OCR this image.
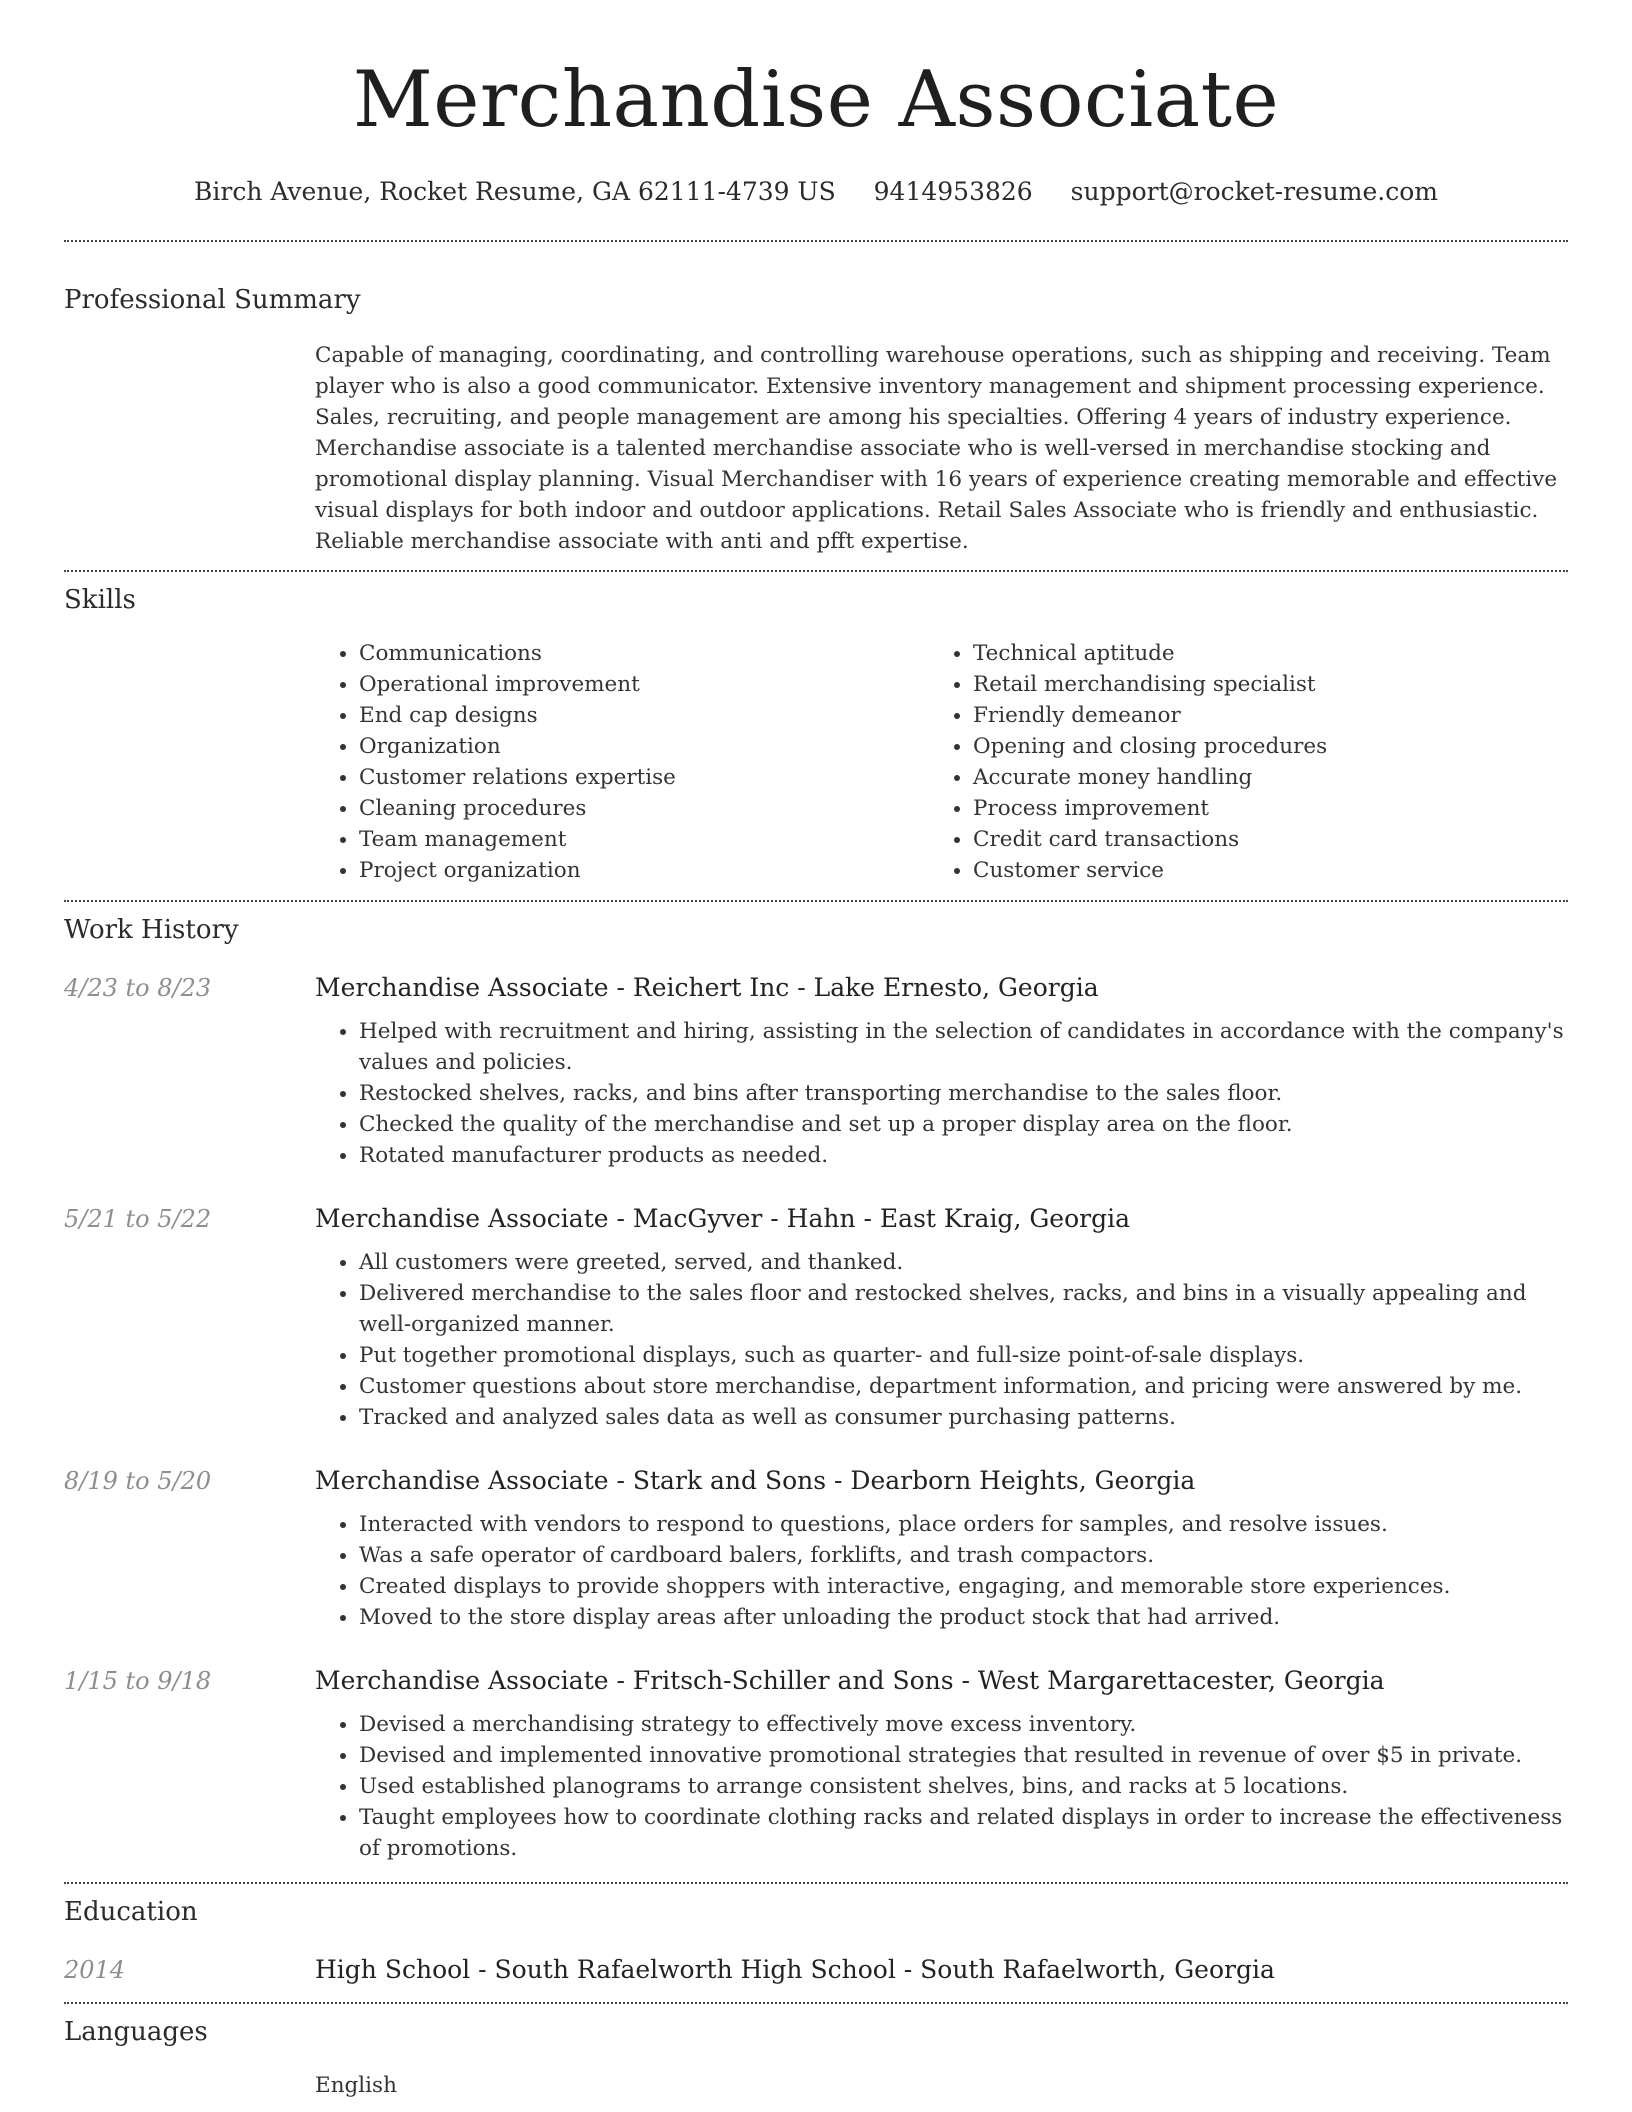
Merchandise Associate
Birch Avenue, Rocket Resume, GA 62111-4739 US 9414953826 support@rocket-resume.com
Professional Summary
Capable of managing, coordinating, and controlling warehouse operations, such as shipping and receiving. Team player who is also a good communicator. Extensive inventory management and shipment processing experience. Sales, recruiting, and people management are among his specialties. Offering 4 years of industry experience. Merchandise associate is a talented merchandise associate who is well-versed in merchandise stocking and promotional display planning. Visual Merchandiser with 16 years of experience creating memorable and effective visual displays for both indoor and outdoor applications. Retail Sales Associate who is friendly and enthusiastic. Reliable merchandise associate with anti and pfft expertise.
Skills
• Communications
• Operational improvement
• End cap designs
• Organization
• Customer relations expertise
• Cleaning procedures
• Team management
• Project organization
• Technical aptitude
• Retail merchandising specialist
• Friendly demeanor
• Opening and closing procedures
• Accurate money handling
• Process improvement
• Credit card transactions
• Customer service
Work History
4/23 to 8/23	Merchandise Associate - Reichert Inc - Lake Ernesto, Georgia
• Helped with recruitment and hiring, assisting in the selection of candidates in accordance with the company's values and policies.
• Restocked shelves, racks, and bins after transporting merchandise to the sales floor.
• Checked the quality of the merchandise and set up a proper display area on the floor.
• Rotated manufacturer products as needed.
5/21 to 5/22	Merchandise Associate - MacGyver - Hahn - East Kraig, Georgia
• All customers were greeted, served, and thanked.
• Delivered merchandise to the sales floor and restocked shelves, racks, and bins in a visually appealing and well-organized manner.
• Put together promotional displays, such as quarter- and full-size point-of-sale displays.
• Customer questions about store merchandise, department information, and pricing were answered by me.
• Tracked and analyzed sales data as well as consumer purchasing patterns.
8/19 to 5/20	Merchandise Associate - Stark and Sons - Dearborn Heights, Georgia
• Interacted with vendors to respond to questions, place orders for samples, and resolve issues.
• Was a safe operator of cardboard balers, forklifts, and trash compactors.
• Created displays to provide shoppers with interactive, engaging, and memorable store experiences.
• Moved to the store display areas after unloading the product stock that had arrived.
1/15 to 9/18	Merchandise Associate - Fritsch-Schiller and Sons - West Margarettacester, Georgia
• Devised a merchandising strategy to effectively move excess inventory.
• Devised and implemented innovative promotional strategies that resulted in revenue of over $5 in private.
• Used established planograms to arrange consistent shelves, bins, and racks at 5 locations.
• Taught employees how to coordinate clothing racks and related displays in order to increase the effectiveness of promotions.
Education
2014	High School - South Rafaelworth High School - South Rafaelworth, Georgia
Languages
English
